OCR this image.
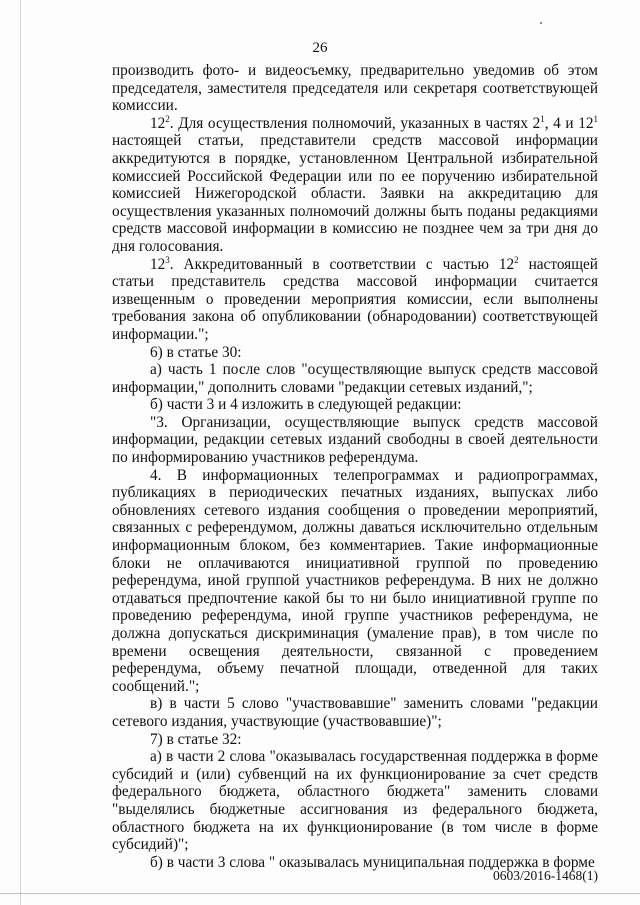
26

производить фото- и видеосъемку, предварительно уведомив об этом председателя, заместителя председателя или секретаря соответствующей комиссии.

$12^2$. Для осуществления полномочий, указанных в частях $2^1$, 4 и $12^1$ настоящей статьи, представители средств массовой информации аккредитуются в порядке, установленном Центральной избирательной комиссией Российской Федерации или по ее поручению избирательной комиссией Нижегородской области. Заявки на аккредитацию для осуществления указанных полномочий должны быть поданы редакциями средств массовой информации в комиссию не позднее чем за три дня до дня голосования.

$12^3$. Аккредитованный в соответствии с частью $12^2$ настоящей статьи представитель средства массовой информации считается извещенным о проведении мероприятия комиссии, если выполнены требования закона об опубликовании (обнародовании) соответствующей информации.";

6) в статье 30:

а) часть 1 после слов "осуществляющие выпуск средств массовой информации," дополнить словами "редакции сетевых изданий,";

б) части 3 и 4 изложить в следующей редакции:

"3. Организации, осуществляющие выпуск средств массовой информации, редакции сетевых изданий свободны в своей деятельности по информированию участников референдума.

4. В информационных телепрограммах и радиопрограммах, публикациях в периодических печатных изданиях, выпусках либо обновлениях сетевого издания сообщения о проведении мероприятий, связанных с референдумом, должны даваться исключительно отдельным информационным блоком, без комментариев. Такие информационные блоки не оплачиваются инициативной группой по проведению референдума, иной группой участников референдума. В них не должно отдаваться предпочтение какой бы то ни было инициативной группе по проведению референдума, иной группе участников референдума, не должна допускаться дискриминация (умаление прав), в том числе по времени освещения деятельности, связанной с проведением референдума, объему печатной площади, отведенной для таких сообщений.";

в) в части 5 слово "участвовавшие" заменить словами "редакции сетевого издания, участвующие (участвовавшие)";

7) в статье 32:

а) в части 2 слова "оказывалась государственная поддержка в форме субсидий и (или) субвенций на их функционирование за счет средств федерального бюджета, областного бюджета" заменить словами "выделялись бюджетные ассигнования из федерального бюджета, областного бюджета на их функционирование (в том числе в форме субсидий)";

б) в части 3 слова " оказывалась муниципальная поддержка в форме

0603/2016-1468(1)
